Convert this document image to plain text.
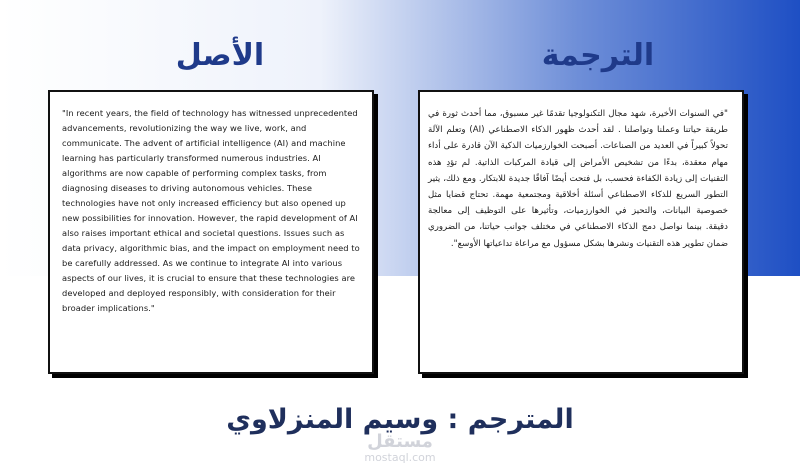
الأصل	الترجمة

"In recent years, the field of technology has witnessed unprecedented advancements, revolutionizing the way we live, work, and communicate. The advent of artificial intelligence (AI) and machine learning has particularly transformed numerous industries. AI algorithms are now capable of performing complex tasks, from diagnosing diseases to driving autonomous vehicles. These technologies have not only increased efficiency but also opened up new possibilities for innovation. However, the rapid development of AI also raises important ethical and societal questions. Issues such as data privacy, algorithmic bias, and the impact on employment need to be carefully addressed. As we continue to integrate AI into various aspects of our lives, it is crucial to ensure that these technologies are developed and deployed responsibly, with consideration for their broader implications."

"في السنوات الأخيرة، شهد مجال التكنولوجيا تقدمًا غير مسبوق، مما أحدث ثورة في طريقة حياتنا وعملنا وتواصلنا . لقد أحدث ظهور الذكاء الاصطناعي (AI) وتعلم الآلة تحولاً كبيراً في العديد من الصناعات. أصبحت الخوارزميات الذكية الآن قادرة على أداء مهام معقدة، بدءًا من تشخيص الأمراض إلى قيادة المركبات الذاتية. لم تؤدِ هذه التقنيات إلى زيادة الكفاءة فحسب، بل فتحت أيضًا آفاقًا جديدة للابتكار. ومع ذلك، يثير التطور السريع للذكاء الاصطناعي أسئلة أخلاقية ومجتمعية مهمة. تحتاج قضايا مثل خصوصية البيانات، والتحيز في الخوارزميات، وتأثيرها على التوظيف إلى معالجة دقيقة. بينما نواصل دمج الذكاء الاصطناعي في مختلف جوانب حياتنا، من الضروري ضمان تطوير هذه التقنيات ونشرها بشكل مسؤول مع مراعاة تداعياتها الأوسع".

المترجم : وسيم المنزلاوي
مستقل
mostaql.com
